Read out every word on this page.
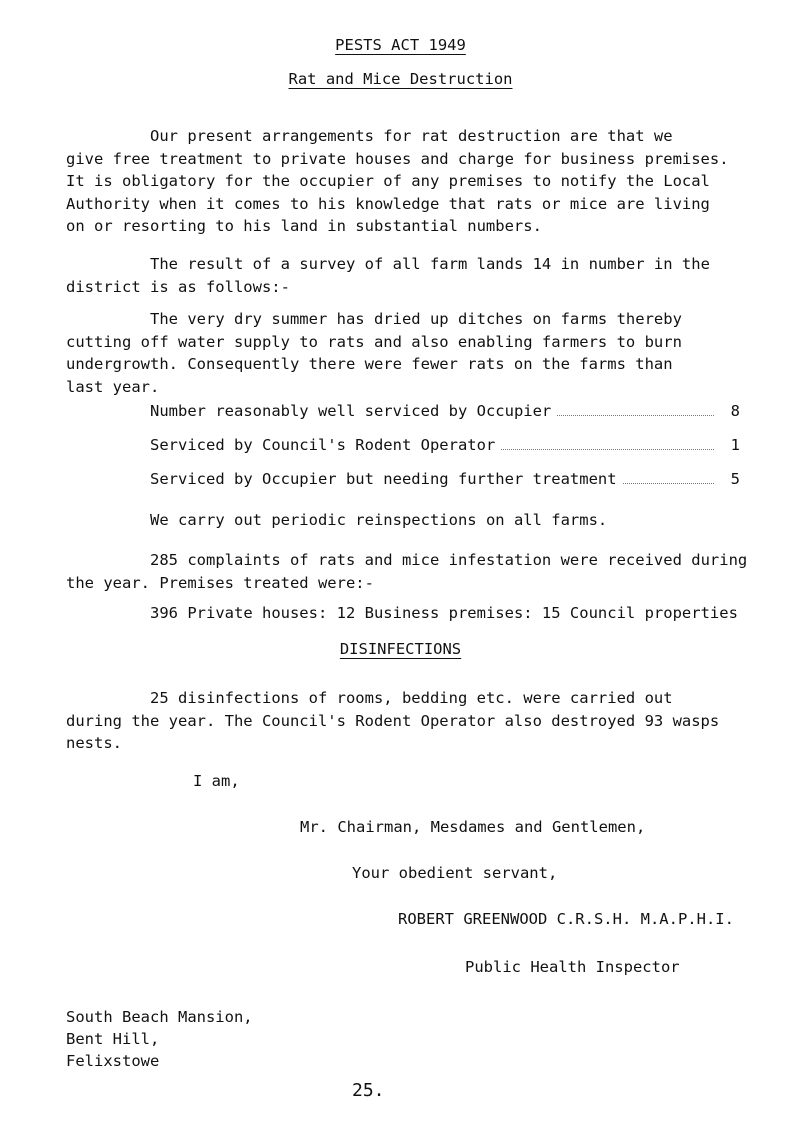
PESTS ACT 1949
Rat and Mice Destruction
Our present arrangements for rat destruction are that we
give free treatment to private houses and charge for business premises.
It is obligatory for the occupier of any premises to notify the Local
Authority when it comes to his knowledge that rats or mice are living
on or resorting to his land in substantial numbers.
The result of a survey of all farm lands 14 in number in the
district is as follows:-
The very dry summer has dried up ditches on farms thereby
cutting off water supply to rats and also enabling farmers to burn
undergrowth. Consequently there were fewer rats on the farms than
last year.
Number reasonably well serviced by Occupier	8
Serviced by Council's Rodent Operator	1
Serviced by Occupier but needing further treatment	5
We carry out periodic reinspections on all farms.
285 complaints of rats and mice infestation were received during
the year. Premises treated were:-
396 Private houses: 12 Business premises: 15 Council properties
DISINFECTIONS
25 disinfections of rooms, bedding etc. were carried out
during the year. The Council's Rodent Operator also destroyed 93 wasps
nests.
I am,
Mr. Chairman, Mesdames and Gentlemen,
Your obedient servant,
ROBERT GREENWOOD C.R.S.H. M.A.P.H.I.
Public Health Inspector
South Beach Mansion,
Bent Hill,
Felixstowe
25.
